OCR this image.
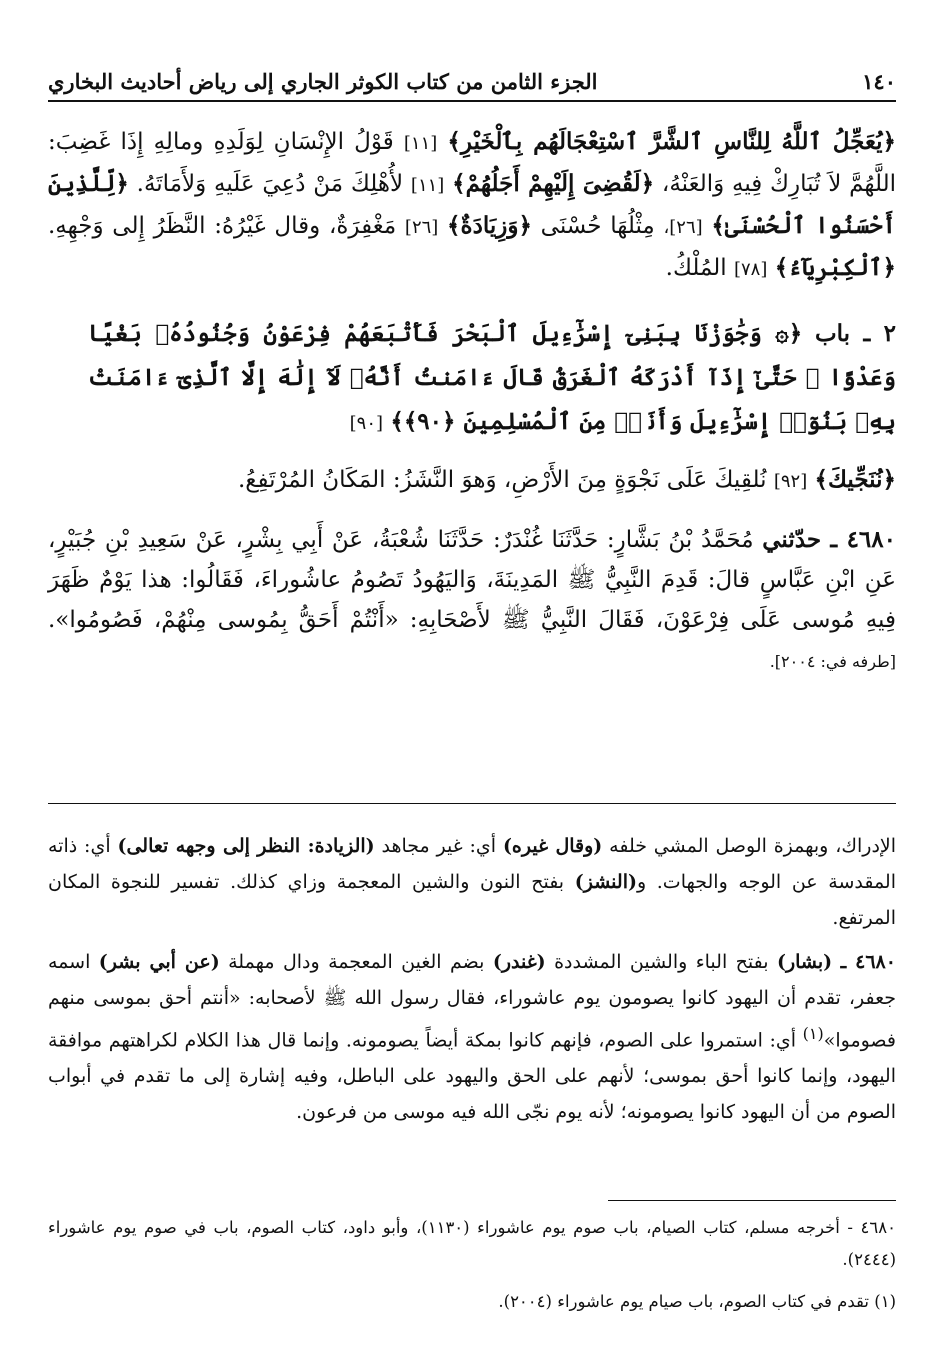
١٤٠
الجزء الثامن من كتاب الكوثر الجاري إلى رياض أحاديث البخاري

﴿يُعَجِّلُ ٱللَّهُ لِلنَّاسِ ٱلشَّرَّ ٱسْتِعْجَالَهُم بِٱلْخَيْرِ﴾ [١١] قَوْلُ الإِنْسَانِ لِوَلَدِهِ ومالِهِ إِذَا غَضِبَ: اللَّهُمَّ لاَ تُبَارِكْ فِيهِ وَالعَنْهُ، ﴿لَقُضِىَ إِلَيْهِمْ أَجَلُهُمْ﴾ [١١] لأُهْلِكَ مَنْ دُعِيَ عَلَيهِ وَلأَمَاتَهُ. ﴿لِّلَّذِينَ أَحْسَنُوا ٱلْحُسْنَىٰ﴾ [٢٦]، مِثْلُهَا حُسْنَى ﴿وَزِيَادَةٌ﴾ [٢٦] مَغْفِرَةٌ، وقال غَيْرُهُ: النَّظَرُ إِلى وَجْهِهِ. ﴿ٱلْكِبْرِيَآءُ﴾ [٧٨] المُلْكُ.

٢ ـ باب ﴿۞ وَجَٰوَزْنَا بِبَنِىٓ إِسْرَٰٓءِيلَ ٱلْبَحْرَ فَأَتْبَعَهُمْ فِرْعَوْنُ وَجُنُودُهُۥ بَغْيًا وَعَدْوًا ۖ حَتَّىٰٓ إِذَآ أَدْرَكَهُ ٱلْغَرَقُ قَالَ ءَامَنتُ أَنَّهُۥ لَآ إِلَٰهَ إِلَّا ٱلَّذِىٓ ءَامَنَتْ بِهِۦ بَنُوٓا۟ إِسْرَٰٓءِيلَ وَأَنَا۠ مِنَ ٱلْمُسْلِمِينَ ﴿٩٠﴾﴾ [٩٠]

﴿نُنَجِّيكَ﴾ [٩٢] نُلقِيكَ عَلَى نَجْوَةٍ مِنَ الأَرْضِ، وَهوَ النَّشَزُ: المَكَانُ المُرْتَفِعُ.

٤٦٨٠ ـ حدّثني مُحَمَّدُ بْنُ بَشَّارٍ: حَدَّثَنَا غُنْدَرٌ: حَدَّثَنَا شُعْبَةُ، عَنْ أَبِي بِشْرٍ، عَنْ سَعِيدِ بْنِ جُبَيْرٍ، عَنِ ابْنِ عَبَّاسٍ قالَ: قَدِمَ النَّبِيُّ ﷺ المَدِينَةَ، وَاليَهُودُ تَصُومُ عاشُوراءَ، فَقَالُوا: هذا يَوْمٌ ظَهَرَ فِيهِ مُوسى عَلَى فِرْعَوْنَ، فَقَالَ النَّبِيُّ ﷺ لأَصْحَابِهِ: «أَنْتُمْ أَحَقُّ بِمُوسى مِنْهُمْ، فَصُومُوا». [طرفه في: ٢٠٠٤].

الإدراك، وبهمزة الوصل المشي خلفه (وقال غيره) أي: غير مجاهد (الزيادة: النظر إلى وجهه تعالى) أي: ذاته المقدسة عن الوجه والجهات. و(النشز) بفتح النون والشين المعجمة وزاي كذلك. تفسير للنجوة المكان المرتفع.

٤٦٨٠ ـ (بشار) بفتح الباء والشين المشددة (غندر) بضم الغين المعجمة ودال مهملة (عن أبي بشر) اسمه جعفر، تقدم أن اليهود كانوا يصومون يوم عاشوراء، فقال رسول الله ﷺ لأصحابه: «أنتم أحق بموسى منهم فصوموا»$^{(١)}$ أي: استمروا على الصوم، فإنهم كانوا بمكة أيضاً يصومونه. وإنما قال هذا الكلام لكراهتهم موافقة اليهود، وإنما كانوا أحق بموسى؛ لأنهم على الحق واليهود على الباطل، وفيه إشارة إلى ما تقدم في أبواب الصوم من أن اليهود كانوا يصومونه؛ لأنه يوم نجّى الله فيه موسى من فرعون.

٤٦٨٠ - أخرجه مسلم، كتاب الصيام، باب صوم يوم عاشوراء (١١٣٠)، وأبو داود، كتاب الصوم، باب في صوم يوم عاشوراء (٢٤٤٤).

(١) تقدم في كتاب الصوم، باب صيام يوم عاشوراء (٢٠٠٤).
